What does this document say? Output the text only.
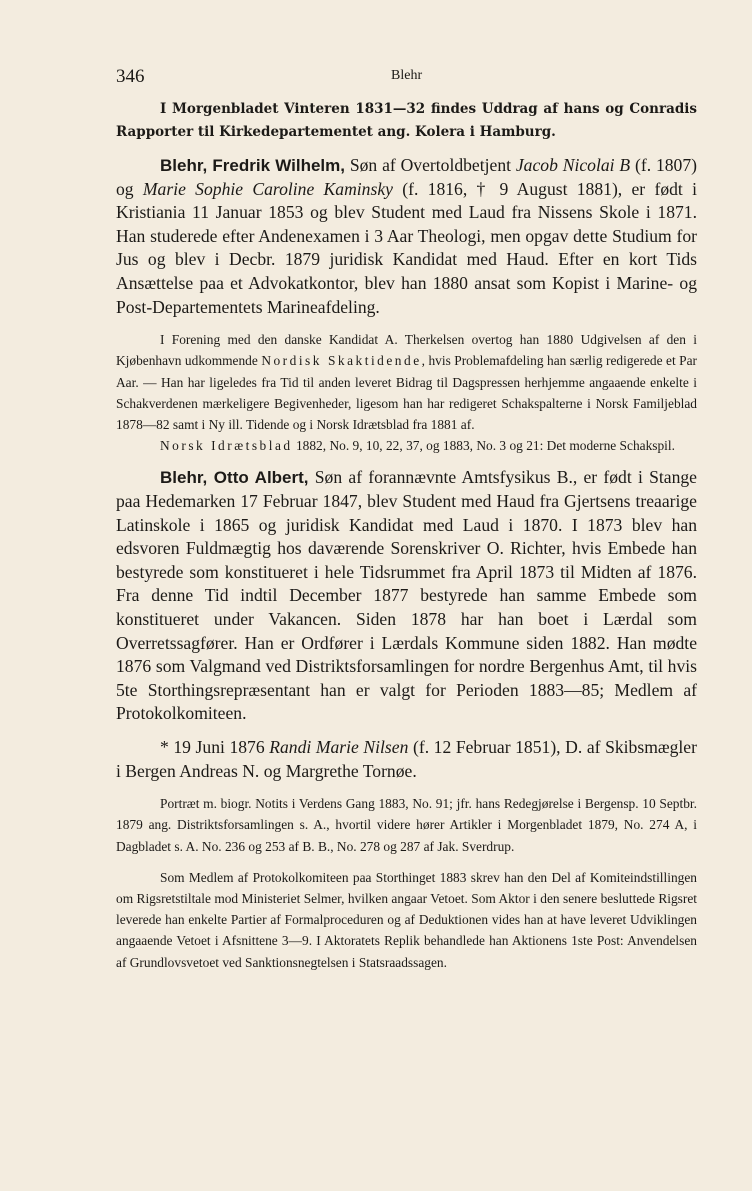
346	Blehr

I Morgenbladet Vinteren 1831—32 findes Uddrag af hans og Conradis Rapporter til Kirkedepartementet ang. Kolera i Hamburg.

Blehr, Fredrik Wilhelm, Søn af Overtoldbetjent Jacob Nicolai B (f. 1807) og Marie Sophie Caroline Kaminsky (f. 1816, † 9 August 1881), er født i Kristiania 11 Januar 1853 og blev Student med Laud fra Nissens Skole i 1871. Han studerede efter Andenexamen i 3 Aar Theologi, men opgav dette Studium for Jus og blev i Decbr. 1879 juridisk Kandidat med Haud. Efter en kort Tids Ansættelse paa et Advokatkontor, blev han 1880 ansat som Kopist i Marine- og Post-Departementets Marineafdeling.

I Forening med den danske Kandidat A. Therkelsen overtog han 1880 Udgivelsen af den i Kjøbenhavn udkommende Nordisk Skaktidende, hvis Problemafdeling han særlig redigerede et Par Aar. — Han har ligeledes fra Tid til anden leveret Bidrag til Dagspressen herhjemme angaaende enkelte i Schakverdenen mærkeligere Begivenheder, ligesom han har redigeret Schakspalterne i Norsk Familjeblad 1878—82 samt i Ny ill. Tidende og i Norsk Idrætsblad fra 1881 af.

Norsk Idrætsblad 1882, No. 9, 10, 22, 37, og 1883, No. 3 og 21: Det moderne Schakspil.

Blehr, Otto Albert, Søn af forannævnte Amtsfysikus B., er født i Stange paa Hedemarken 17 Februar 1847, blev Student med Haud fra Gjertsens treaarige Latinskole i 1865 og juridisk Kandidat med Laud i 1870. I 1873 blev han edsvoren Fuldmægtig hos daværende Sorenskriver O. Richter, hvis Embede han bestyrede som konstitueret i hele Tidsrummet fra April 1873 til Midten af 1876. Fra denne Tid indtil December 1877 bestyrede han samme Embede som konstitueret under Vakancen. Siden 1878 har han boet i Lærdal som Overretssagfører. Han er Ordfører i Lærdals Kommune siden 1882. Han mødte 1876 som Valgmand ved Distriktsforsamlingen for nordre Bergenhus Amt, til hvis 5te Storthingsrepræsentant han er valgt for Perioden 1883—85; Medlem af Protokolkomiteen.

* 19 Juni 1876 Randi Marie Nilsen (f. 12 Februar 1851), D. af Skibsmægler i Bergen Andreas N. og Margrethe Tornøe.

Portræt m. biogr. Notits i Verdens Gang 1883, No. 91; jfr. hans Redegjørelse i Bergensp. 10 Septbr. 1879 ang. Distriktsforsamlingen s. A., hvortil videre hører Artikler i Morgenbladet 1879, No. 274 A, i Dagbladet s. A. No. 236 og 253 af B. B., No. 278 og 287 af Jak. Sverdrup.

Som Medlem af Protokolkomiteen paa Storthinget 1883 skrev han den Del af Komiteindstillingen om Rigsretstiltale mod Ministeriet Selmer, hvilken angaar Vetoet. Som Aktor i den senere besluttede Rigsret leverede han enkelte Partier af Formalproceduren og af Deduktionen vides han at have leveret Udviklingen angaaende Vetoet i Afsnittene 3—9. I Aktoratets Replik behandlede han Aktionens 1ste Post: Anvendelsen af Grundlovsvetoet ved Sanktionsnegtelsen i Statsraadssagen.
